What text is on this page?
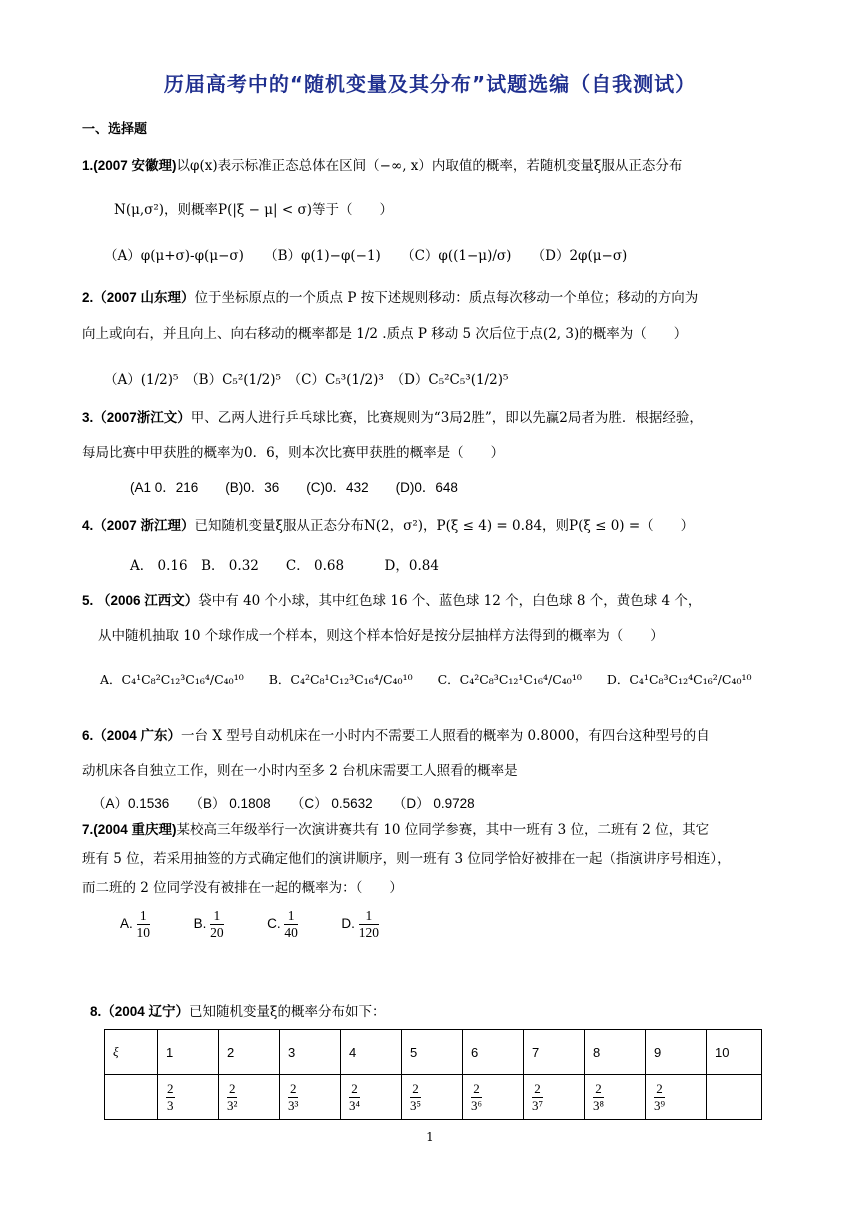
历届高考中的“随机变量及其分布”试题选编（自我测试）
一、选择题
1.(2007 安徽理)以φ(x)表示标准正态总体在区间（−∞, x）内取值的概率，若随机变量ξ服从正态分布
N(μ,σ²)，则概率P(|ξ − μ| < σ)等于（　　）
（A）φ(μ+σ)-φ(μ−σ)　　（B）φ(1)−φ(−1)　　（C）φ((1−μ)/σ)　　（D）2φ(μ−σ)
2.（2007 山东理）位于坐标原点的一个质点 P 按下述规则移动：质点每次移动一个单位；移动的方向为
向上或向右，并且向上、向右移动的概率都是 1/2 .质点 P 移动 5 次后位于点(2, 3)的概率为（　　）
（A）(1/2)⁵　（B）C₅²(1/2)⁵　（C）C₅³(1/2)³　（D）C₅²C₅³(1/2)⁵
3.（2007浙江文）甲、乙两人进行乒乓球比赛，比赛规则为“3局2胜”，即以先赢2局者为胜．根据经验，
每局比赛中甲获胜的概率为0．6，则本次比赛甲获胜的概率是（　　）
(A1 0．216　　(B)0．36　　(C)0．432　　(D)0．648
4.（2007 浙江理）已知随机变量ξ服从正态分布N(2，σ²)，P(ξ ≤ 4) = 0.84，则P(ξ ≤ 0) =（　　）
A． 0.16　B． 0.32　　C． 0.68　　　D，0.84
5. （2006 江西文）袋中有 40 个小球，其中红色球 16 个、蓝色球 12 个，白色球 8 个，黄色球 4 个，
从中随机抽取 10 个球作成一个样本，则这个样本恰好是按分层抽样方法得到的概率为（　　）
A．C₄¹C₈²C₁₂³C₁₆⁴/C₄₀¹⁰　　B．C₄²C₈¹C₁₂³C₁₆⁴/C₄₀¹⁰　　C．C₄²C₈³C₁₂¹C₁₆⁴/C₄₀¹⁰　　D．C₄¹C₈³C₁₂⁴C₁₆²/C₄₀¹⁰
6.（2004 广东）一台 X 型号自动机床在一小时内不需要工人照看的概率为 0.8000，有四台这种型号的自
动机床各自独立工作，则在一小时内至多 2 台机床需要工人照看的概率是
（A）0.1536　　（B） 0.1808　　（C） 0.5632　　（D） 0.9728
7.(2004 重庆理)某校高三年级举行一次演讲赛共有 10 位同学参赛，其中一班有 3 位，二班有 2 位，其它
班有 5 位，若采用抽签的方式确定他们的演讲顺序，则一班有 3 位同学恰好被排在一起（指演讲序号相连），
而二班的 2 位同学没有被排在一起的概率为：（　　）
A. $\frac{1}{10}$	B. $\frac{1}{20}$	C. $\frac{1}{40}$	D. $\frac{1}{120}$
8.（2004 辽宁）已知随机变量ξ的概率分布如下：
ξ	1	2	3	4	5	6	7	8	9	10

	$\frac{2}{3}$	$\frac{2}{\text{3²}}$	$\frac{2}{\text{3³}}$	$\frac{2}{\text{3⁴}}$	$\frac{2}{\text{3⁵}}$	$\frac{2}{\text{3⁶}}$	$\frac{2}{\text{3⁷}}$	$\frac{2}{\text{3⁸}}$	$\frac{2}{\text{3⁹}}$

1
